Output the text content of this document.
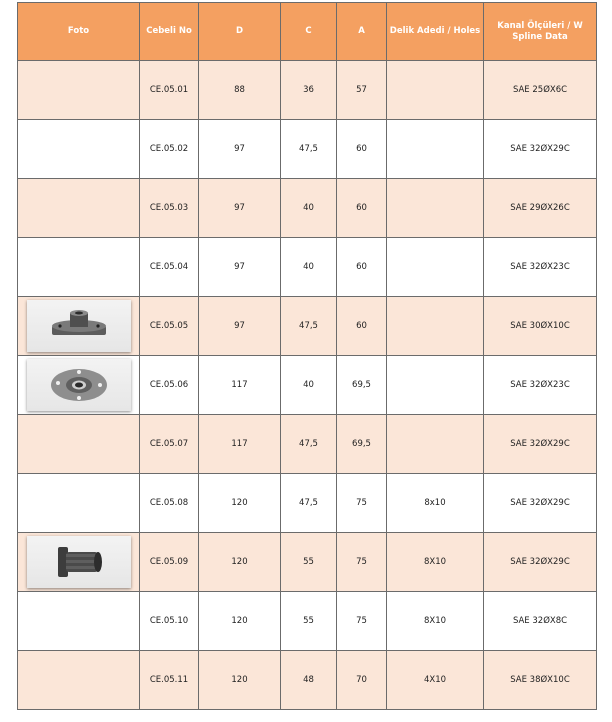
Foto	Cebeli No	D	C	A	Delik Adedi / Holes	Kanal Ölçüleri / W Spline Data
	CE.05.01	88	36	57		SAE 25ØX6C
	CE.05.02	97	47,5	60		SAE 32ØX29C
	CE.05.03	97	40	60		SAE 29ØX26C
	CE.05.04	97	40	60		SAE 32ØX23C

	CE.05.05	97	47,5	60		SAE 30ØX10C

	CE.05.06	117	40	69,5		SAE 32ØX23C
	CE.05.07	117	47,5	69,5		SAE 32ØX29C
	CE.05.08	120	47,5	75	8x10	SAE 32ØX29C

	CE.05.09	120	55	75	8X10	SAE 32ØX29C
	CE.05.10	120	55	75	8X10	SAE 32ØX8C
	CE.05.11	120	48	70	4X10	SAE 38ØX10C
